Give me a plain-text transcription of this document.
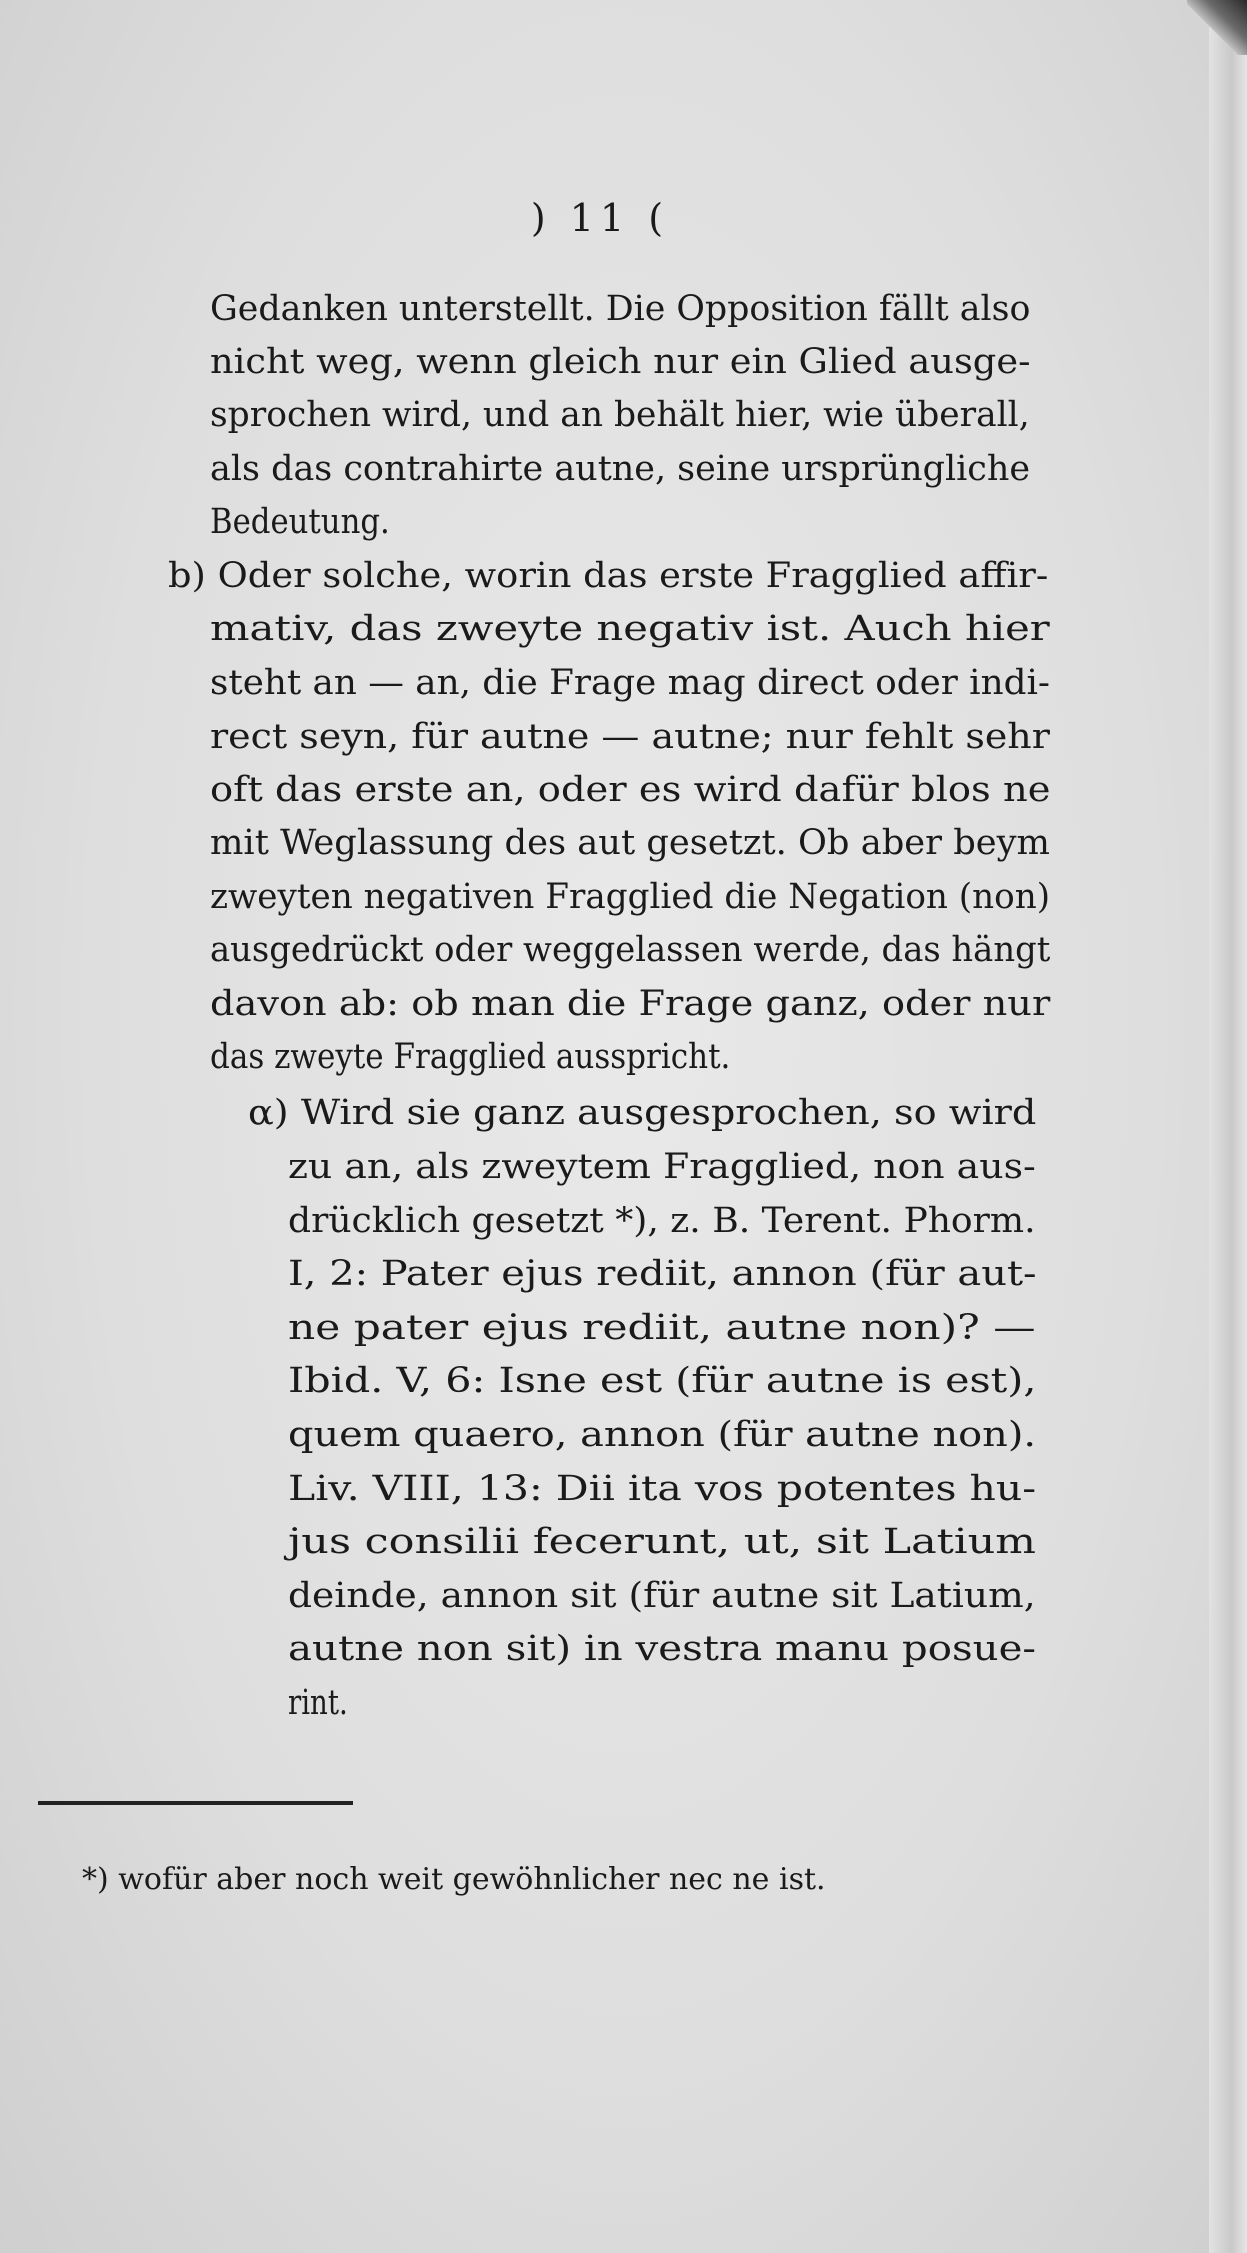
) 11 (
Gedanken unterstellt. Die Opposition fällt also
nicht weg, wenn gleich nur ein Glied ausge-
sprochen wird, und an behält hier, wie überall,
als das contrahirte autne, seine ursprüngliche
Bedeutung.
b) Oder solche, worin das erste Fragglied affir-
mativ, das zweyte negativ ist. Auch hier
steht an — an, die Frage mag direct oder indi-
rect seyn, für autne — autne; nur fehlt sehr
oft das erste an, oder es wird dafür blos ne
mit Weglassung des aut gesetzt. Ob aber beym
zweyten negativen Fragglied die Negation (non)
ausgedrückt oder weggelassen werde, das hängt
davon ab: ob man die Frage ganz, oder nur
das zweyte Fragglied ausspricht.
α) Wird sie ganz ausgesprochen, so wird
zu an, als zweytem Fragglied, non aus-
drücklich gesetzt *), z. B. Terent. Phorm.
I, 2: Pater ejus rediit, annon (für aut-
ne pater ejus rediit, autne non)? —
Ibid. V, 6: Isne est (für autne is est),
quem quaero, annon (für autne non).
Liv. VIII, 13: Dii ita vos potentes hu-
jus consilii fecerunt, ut, sit Latium
deinde, annon sit (für autne sit Latium,
autne non sit) in vestra manu posue-
rint.
*) wofür aber noch weit gewöhnlicher nec ne ist.
